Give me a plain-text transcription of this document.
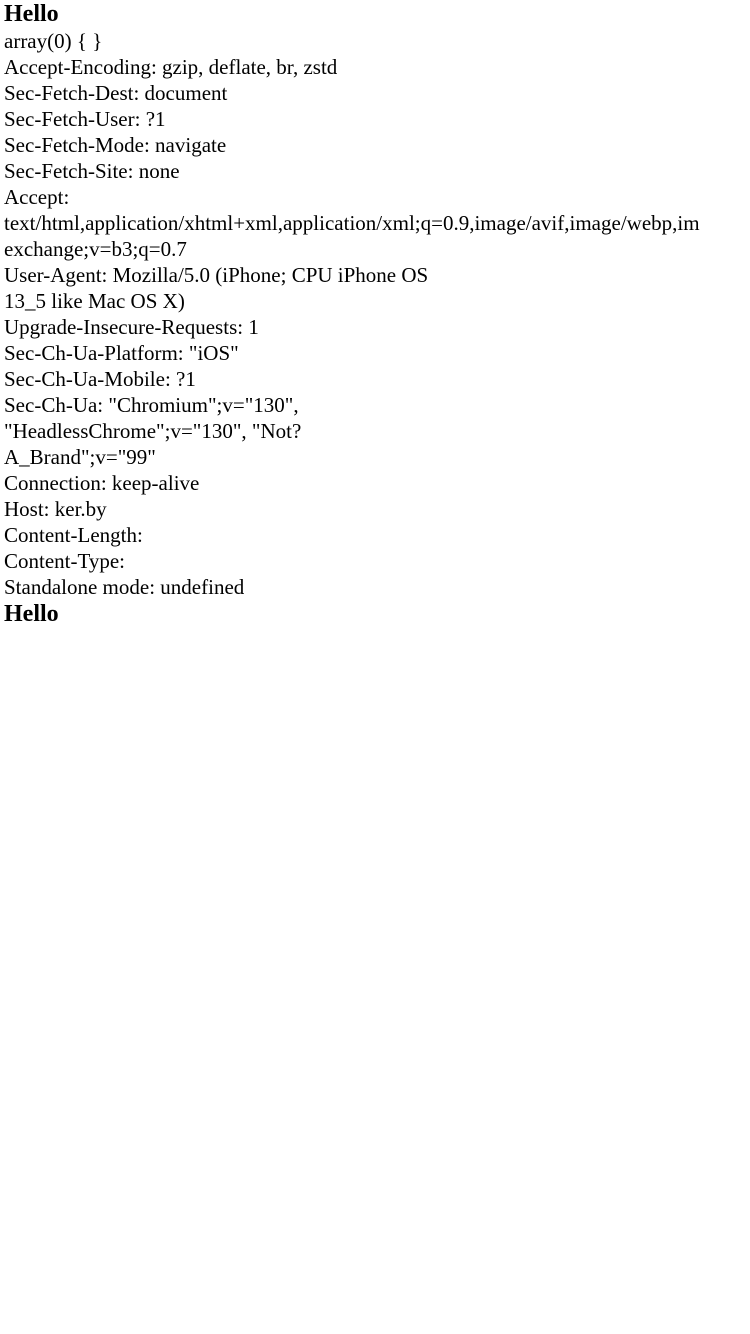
Hello
array(0) { }
Accept-Encoding: gzip, deflate, br, zstd
Sec-Fetch-Dest: document
Sec-Fetch-User: ?1
Sec-Fetch-Mode: navigate
Sec-Fetch-Site: none
Accept:
text/html,application/xhtml+xml,application/xml;q=0.9,image/avif,image/webp,im
exchange;v=b3;q=0.7
User-Agent: Mozilla/5.0 (iPhone; CPU iPhone OS
13_5 like Mac OS X)
Upgrade-Insecure-Requests: 1
Sec-Ch-Ua-Platform: "iOS"
Sec-Ch-Ua-Mobile: ?1
Sec-Ch-Ua: "Chromium";v="130",
"HeadlessChrome";v="130", "Not?
A_Brand";v="99"
Connection: keep-alive
Host: ker.by
Content-Length:
Content-Type:
Standalone mode: undefined
Hello
